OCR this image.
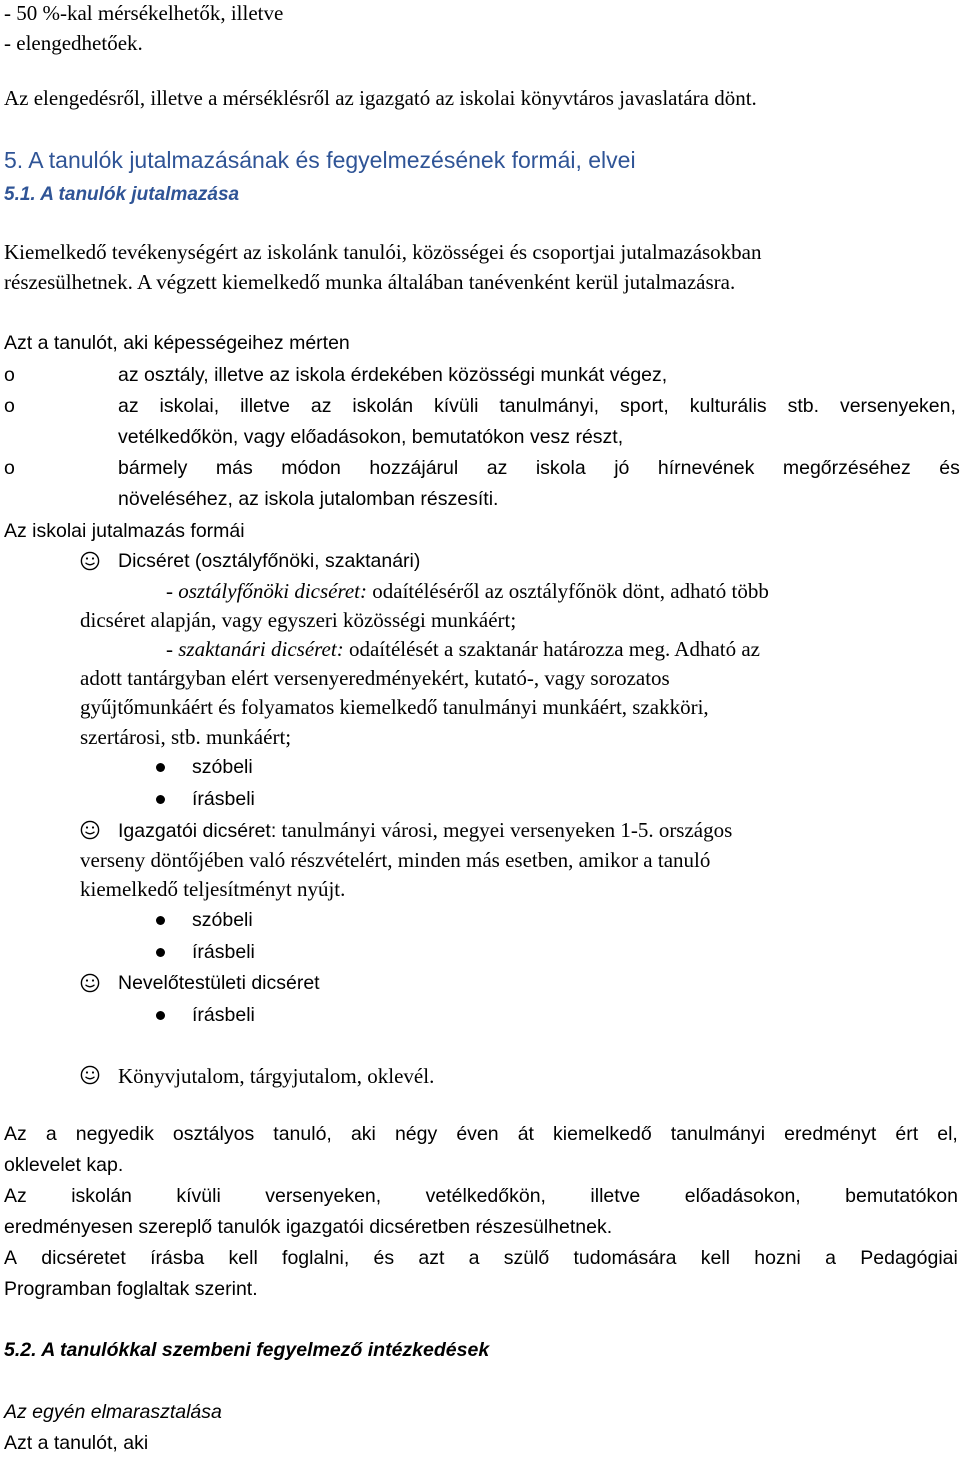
- 50 %-kal mérsékelhetők, illetve
- elengedhetőek.
Az elengedésről, illetve a mérséklésről az igazgató az iskolai könyvtáros javaslatára dönt.
5. A tanulók jutalmazásának és fegyelmezésének formái, elvei
5.1. A tanulók jutalmazása
Kiemelkedő tevékenységért az iskolánk tanulói, közösségei és csoportjai jutalmazásokban
részesülhetnek. A végzett kiemelkedő munka általában tanévenként kerül jutalmazásra.
Azt a tanulót, aki képességeihez mérten
o	az osztály, illetve az iskola érdekében közösségi munkát végez,
o	az iskolai, illetve az iskolán kívüli tanulmányi, sport, kulturális stb. versenyeken,
vetélkedőkön, vagy előadásokon, bemutatókon vesz részt,
o	bármely más módon hozzájárul az iskola jó hírnevének megőrzéséhez és
növeléséhez, az iskola jutalomban részesíti.
Az iskolai jutalmazás formái
Dicséret (osztályfőnöki, szaktanári)
- osztályfőnöki dicséret: odaítéléséről az osztályfőnök dönt, adható több
dicséret alapján, vagy egyszeri közösségi munkáért;
- szaktanári dicséret: odaítélését a szaktanár határozza meg. Adható az
adott tantárgyban elért versenyeredményekért, kutató-, vagy sorozatos
gyűjtőmunkáért és folyamatos kiemelkedő tanulmányi munkáért, szakköri,
szertárosi, stb. munkáért;
szóbeli
írásbeli
Igazgatói dicséret: tanulmányi városi, megyei versenyeken 1-5. országos
verseny döntőjében való részvételért, minden más esetben, amikor a tanuló
kiemelkedő teljesítményt nyújt.
szóbeli
írásbeli
Nevelőtestületi dicséret
írásbeli
Könyvjutalom, tárgyjutalom, oklevél.
Az a negyedik osztályos tanuló, aki négy éven át kiemelkedő tanulmányi eredményt ért el,
oklevelet kap.
Az iskolán kívüli versenyeken, vetélkedőkön, illetve előadásokon, bemutatókon
eredményesen szereplő tanulók igazgatói dicséretben részesülhetnek.
A dicséretet írásba kell foglalni, és azt a szülő tudomására kell hozni a Pedagógiai
Programban foglaltak szerint.
5.2. A tanulókkal szembeni fegyelmező intézkedések
Az egyén elmarasztalása
Azt a tanulót, aki
